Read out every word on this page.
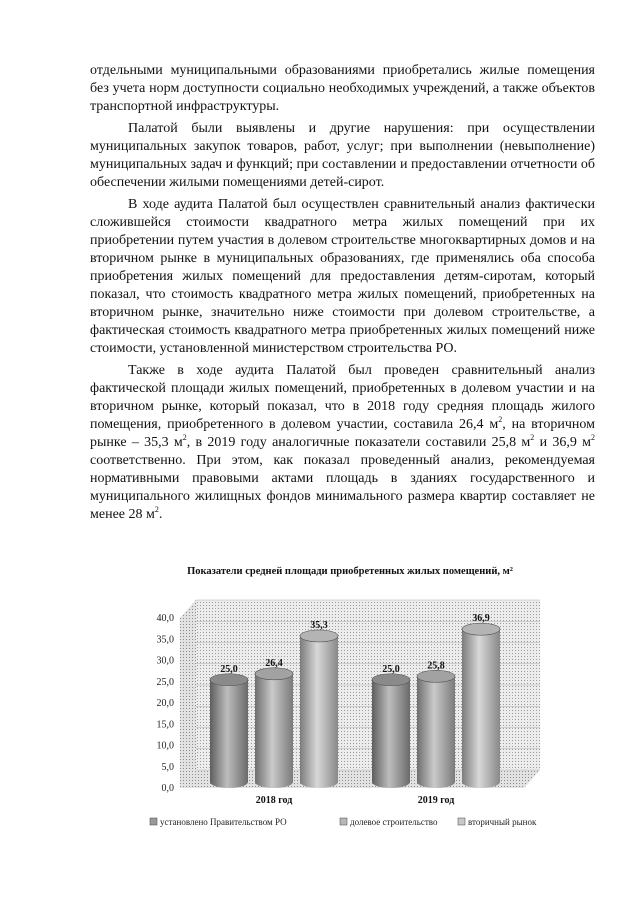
отдельными муниципальными образованиями приобретались жилые помещения без учета норм доступности социально необходимых учреждений, а также объектов транспортной инфраструктуры.

Палатой были выявлены и другие нарушения: при осуществлении муниципальных закупок товаров, работ, услуг; при выполнении (невыполнение) муниципальных задач и функций; при составлении и предоставлении отчетности об обеспечении жилыми помещениями детей-сирот.

В ходе аудита Палатой был осуществлен сравнительный анализ фактически сложившейся стоимости квадратного метра жилых помещений при их приобретении путем участия в долевом строительстве многоквартирных домов и на вторичном рынке в муниципальных образованиях, где применялись оба способа приобретения жилых помещений для предоставления детям-сиротам, который показал, что стоимость квадратного метра жилых помещений, приобретенных на вторичном рынке, значительно ниже стоимости при долевом строительстве, а фактическая стоимость квадратного метра приобретенных жилых помещений ниже стоимости, установленной министерством строительства РО.

Также в ходе аудита Палатой был проведен сравнительный анализ фактической площади жилых помещений, приобретенных в долевом участии и на вторичном рынке, который показал, что в 2018 году средняя площадь жилого помещения, приобретенного в долевом участии, составила 26,4 $м^2$, на вторичном рынке – 35,3 $м^2$, в 2019 году аналогичные показатели составили 25,8 $м^2$ и 36,9 $м^2$ соответственно. При этом, как показал проведенный анализ, рекомендуемая нормативными правовыми актами площадь в зданиях государственного и муниципального жилищных фондов минимального размера квартир составляет не менее 28 $м^2$.

Показатели средней площади приобретенных жилых помещений, м²
0,0
5,0
10,0
15,0
20,0
25,0
30,0
35,0
40,0
25,0
26,4
35,3
25,0	25,8
36,9
2018 год	2019 год
установлено Правительством РО	долевое строительство	вторичный рынок
